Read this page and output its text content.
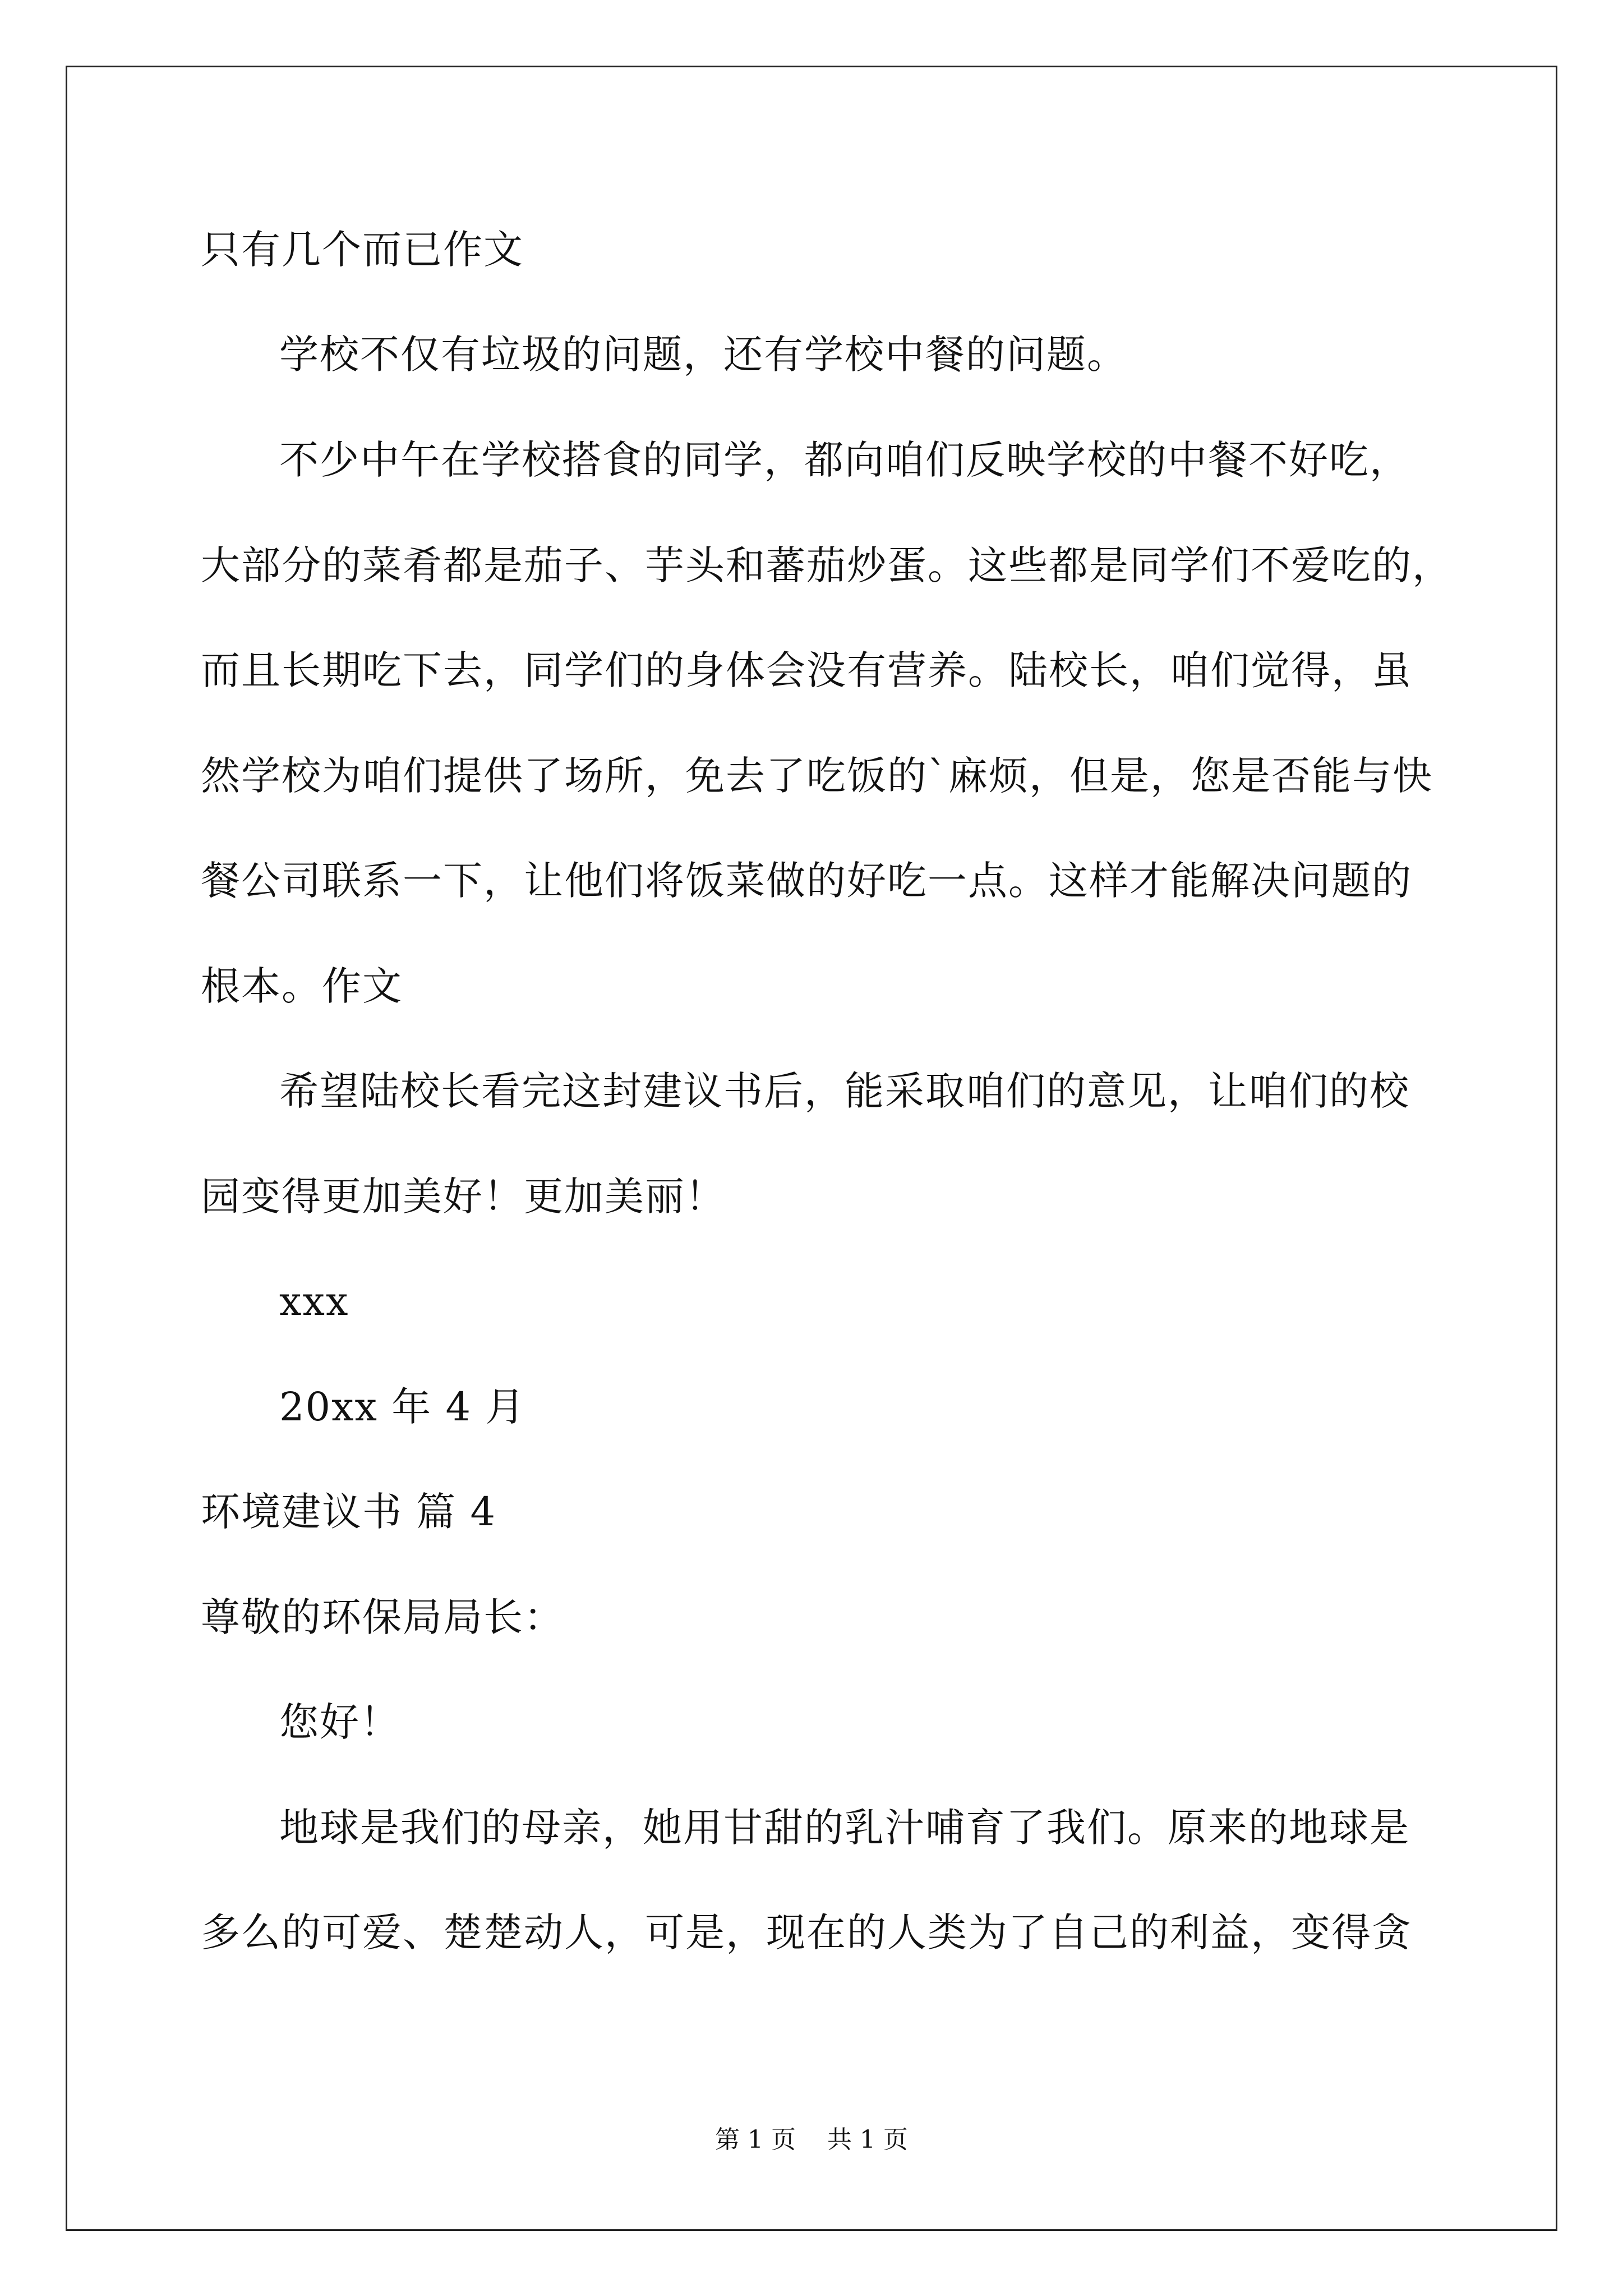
只有几个而已作文
学校不仅有垃圾的问题，还有学校中餐的问题。
不少中午在学校搭食的同学，都向咱们反映学校的中餐不好吃，
大部分的菜肴都是茄子、芋头和蕃茄炒蛋。这些都是同学们不爱吃的，
而且长期吃下去，同学们的身体会没有营养。陆校长，咱们觉得，虽
然学校为咱们提供了场所，免去了吃饭的`麻烦，但是，您是否能与快
餐公司联系一下，让他们将饭菜做的好吃一点。这样才能解决问题的
根本。作文
希望陆校长看完这封建议书后，能采取咱们的意见，让咱们的校
园变得更加美好！更加美丽！
xxx
20xx 年 4 月
环境建议书 篇 4
尊敬的环保局局长：
您好！
地球是我们的母亲，她用甘甜的乳汁哺育了我们。原来的地球是
多么的可爱、楚楚动人，可是，现在的人类为了自己的利益，变得贪
第 1 页    共 1 页
